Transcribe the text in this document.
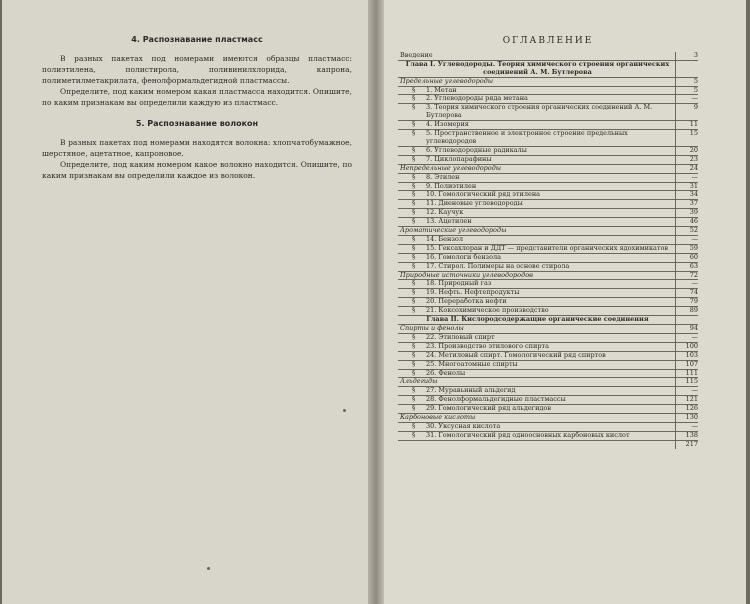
4. Распознавание пластмасс

В разных пакетах под номерами имеются образцы пластмасс: полиэтилена, полистирола, поливинилхлорида, капрона, полиметилметакрилата, фенолформальдегидной пластмассы.

Определите, под каким номером какая пластмасса находится. Опишите, по каким признакам вы определили каждую из пластмасс.

5. Распознавание волокон

В разных пакетах под номерами находятся волокна: хлопчатобумажное, шерстяное, ацетатное, капроновое.

Определите, под каким номером какое волокно находится. Опишите, по каким признакам вы определили каждое из волокон.

ОГЛАВЛЕНИЕ
Введение	3
Глава I. Углеводороды. Теория химического строения органических соединений А. М. Бутлерова
Предельные углеводороды	5
§	1. Метан	5
§	2. Углеводороды ряда метана	—
§	3. Теория химического строения органических соединений А. М. Бутлерова
9
§	4. Изомерия	11
§	5. Пространственное и электронное строение предельных углеводородов
15
§	6. Углеводородные радикалы	20
§	7. Циклопарафины	23
Непредельные углеводороды	24
§	8. Этилен	—
§	9. Полиэтилен	31
§	10. Гомологический ряд этилена	34
§	11. Диеновые углеводороды	37
§	12. Каучук	39
§	13. Ацетилен	46
Ароматические углеводороды	52
§	14. Бензол	—
§	15. Гексахлоран и ДДТ — представители органических ядохимикатов	59
§	16. Гомологи бензола	60
§	17. Стирол. Полимеры на основе стирола	63
Природные источники углеводородов	72
§	18. Природный газ	—
§	19. Нефть. Нефтепродукты	74
§	20. Переработка нефти	79
§	21. Коксохимическое производство	89
Глава II. Кислородсодержащие органические соединения
Спирты и фенолы	94
§	22. Этиловый спирт	—
§	23. Производство этилового спирта	100
§	24. Метиловый спирт. Гомологический ряд спиртов	103
§	25. Многоатомные спирты	107
§	26. Фенолы	111
Альдегиды	115
§	27. Муравьиный альдегид	—
§	28. Фенолформальдегидные пластмассы	121
§	29. Гомологический ряд альдегидов	126
Карбоновые кислоты	130
§	30. Уксусная кислота	—
§	31. Гомологический ряд одноосновных карбоновых кислот	138
217
